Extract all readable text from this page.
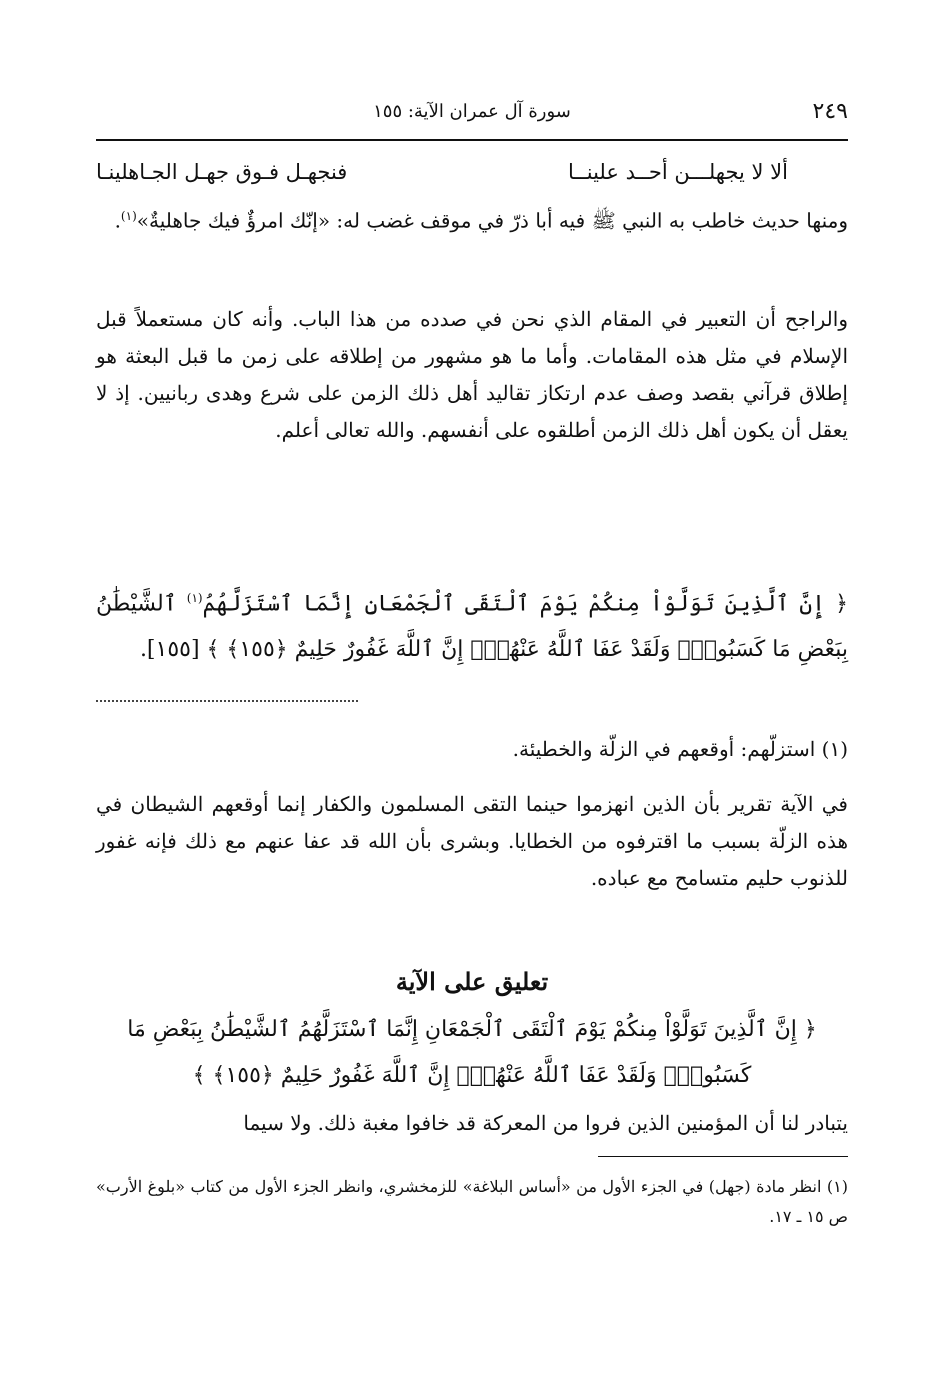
٢٤٩
سورة آل عمران الآية: ١٥٥
ألا لا يجهلـــن أحــد علينــا
فنجهـل فـوق جهـل الجـاهلينـا
ومنها حديث خاطب به النبي ﷺ فيه أبا ذرّ في موقف غضب له: «إنّك امرؤٌ فيك جاهليةٌ»$^{(١)}$.
والراجح أن التعبير في المقام الذي نحن في صدده من هذا الباب. وأنه كان مستعملاً قبل الإسلام في مثل هذه المقامات. وأما ما هو مشهور من إطلاقه على زمن ما قبل البعثة هو إطلاق قرآني بقصد وصف عدم ارتكاز تقاليد أهل ذلك الزمن على شرع وهدى ربانيين. إذ لا يعقل أن يكون أهل ذلك الزمن أطلقوه على أنفسهم. والله تعالى أعلم.
﴿ إِنَّ ٱلَّذِينَ تَوَلَّوْاْ مِنكُمْ يَوْمَ ٱلْتَقَى ٱلْجَمْعَانِ إِنَّمَا ٱسْتَزَلَّهُمُ$^{(١)}$ ٱلشَّيْطَٰنُ بِبَعْضِ مَا كَسَبُواْۖ وَلَقَدْ عَفَا ٱللَّهُ عَنْهُمْۗ إِنَّ ٱللَّهَ غَفُورٌ حَلِيمٌ ﴿١٥٥﴾ ﴾ [١٥٥].
(١) استزلّهم: أوقعهم في الزلّة والخطيئة.
في الآية تقرير بأن الذين انهزموا حينما التقى المسلمون والكفار إنما أوقعهم الشيطان في هذه الزلّة بسبب ما اقترفوه من الخطايا. وبشرى بأن الله قد عفا عنهم مع ذلك فإنه غفور للذنوب حليم متسامح مع عباده.
تعليق على الآية
﴿ إِنَّ ٱلَّذِينَ تَوَلَّوْاْ مِنكُمْ يَوْمَ ٱلْتَقَى ٱلْجَمْعَانِ إِنَّمَا ٱسْتَزَلَّهُمُ ٱلشَّيْطَٰنُ بِبَعْضِ مَا كَسَبُواْۖ وَلَقَدْ عَفَا ٱللَّهُ عَنْهُمْۗ إِنَّ ٱللَّهَ غَفُورٌ حَلِيمٌ ﴿١٥٥﴾ ﴾
يتبادر لنا أن المؤمنين الذين فروا من المعركة قد خافوا مغبة ذلك. ولا سيما
(١) انظر مادة (جهل) في الجزء الأول من «أساس البلاغة» للزمخشري، وانظر الجزء الأول من كتاب «بلوغ الأرب» ص ١٥ ـ ١٧.
